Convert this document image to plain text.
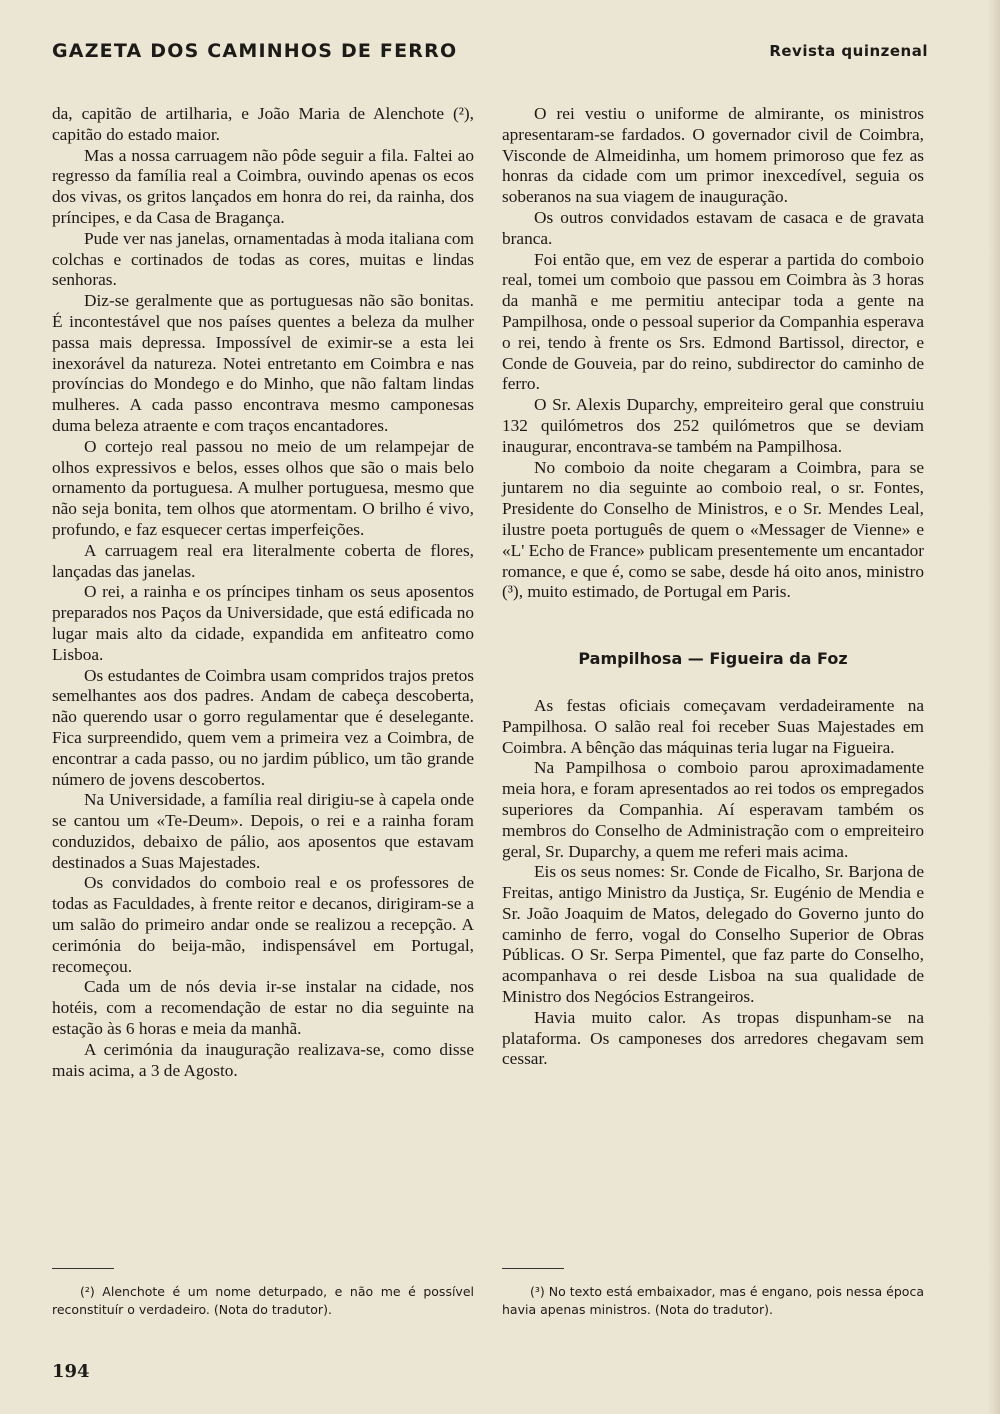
GAZETA DOS CAMINHOS DE FERRO	Revista quinzenal

da, capitão de artilharia, e João Maria de Alenchote (²), capitão do estado maior.

Mas a nossa carruagem não pôde seguir a fila. Faltei ao regresso da família real a Coimbra, ouvindo apenas os ecos dos vivas, os gritos lançados em honra do rei, da rainha, dos príncipes, e da Casa de Bragança.

Pude ver nas janelas, ornamentadas à moda italiana com colchas e cortinados de todas as cores, muitas e lindas senhoras.

Diz-se geralmente que as portuguesas não são bonitas. É incontestável que nos países quentes a beleza da mulher passa mais depressa. Impossível de eximir-se a esta lei inexorável da natureza. Notei entretanto em Coimbra e nas províncias do Mondego e do Minho, que não faltam lindas mulheres. A cada passo encontrava mesmo camponesas duma beleza atraente e com traços encantadores.

O cortejo real passou no meio de um relampejar de olhos expressivos e belos, esses olhos que são o mais belo ornamento da portuguesa. A mulher portuguesa, mesmo que não seja bonita, tem olhos que atormentam. O brilho é vivo, profundo, e faz esquecer certas imperfeições.

A carruagem real era literalmente coberta de flores, lançadas das janelas.

O rei, a rainha e os príncipes tinham os seus aposentos preparados nos Paços da Universidade, que está edificada no lugar mais alto da cidade, expandida em anfiteatro como Lisboa.

Os estudantes de Coimbra usam compridos trajos pretos semelhantes aos dos padres. Andam de cabeça descoberta, não querendo usar o gorro regulamentar que é deselegante. Fica surpreendido, quem vem a primeira vez a Coimbra, de encontrar a cada passo, ou no jardim público, um tão grande número de jovens descobertos.

Na Universidade, a família real dirigiu-se à capela onde se cantou um «Te-Deum». Depois, o rei e a rainha foram conduzidos, debaixo de pálio, aos aposentos que estavam destinados a Suas Majestades.

Os convidados do comboio real e os professores de todas as Faculdades, à frente reitor e decanos, dirigiram-se a um salão do primeiro andar onde se realizou a recepção. A cerimónia do beija-mão, indispensável em Portugal, recomeçou.

Cada um de nós devia ir-se instalar na cidade, nos hotéis, com a recomendação de estar no dia seguinte na estação às 6 horas e meia da manhã.

A cerimónia da inauguração realizava-se, como disse mais acima, a 3 de Agosto.

O rei vestiu o uniforme de almirante, os ministros apresentaram-se fardados. O governador civil de Coimbra, Visconde de Almeidinha, um homem primoroso que fez as honras da cidade com um primor inexcedível, seguia os soberanos na sua viagem de inauguração.

Os outros convidados estavam de casaca e de gravata branca.

Foi então que, em vez de esperar a partida do comboio real, tomei um comboio que passou em Coimbra às 3 horas da manhã e me permitiu antecipar toda a gente na Pampilhosa, onde o pessoal superior da Companhia esperava o rei, tendo à frente os Srs. Edmond Bartissol, director, e Conde de Gouveia, par do reino, subdirector do caminho de ferro.

O Sr. Alexis Duparchy, empreiteiro geral que construiu 132 quilómetros dos 252 quilómetros que se deviam inaugurar, encontrava-se também na Pampilhosa.

No comboio da noite chegaram a Coimbra, para se juntarem no dia seguinte ao comboio real, o sr. Fontes, Presidente do Conselho de Ministros, e o Sr. Mendes Leal, ilustre poeta português de quem o «Messager de Vienne» e «L' Echo de France» publicam presentemente um encantador romance, e que é, como se sabe, desde há oito anos, ministro (³), muito estimado, de Portugal em Paris.

Pampilhosa — Figueira da Foz

As festas oficiais começavam verdadeiramente na Pampilhosa. O salão real foi receber Suas Majestades em Coimbra. A bênção das máquinas teria lugar na Figueira.

Na Pampilhosa o comboio parou aproximadamente meia hora, e foram apresentados ao rei todos os empregados superiores da Companhia. Aí esperavam também os membros do Conselho de Administração com o empreiteiro geral, Sr. Duparchy, a quem me referi mais acima.

Eis os seus nomes: Sr. Conde de Ficalho, Sr. Barjona de Freitas, antigo Ministro da Justiça, Sr. Eugénio de Mendia e Sr. João Joaquim de Matos, delegado do Governo junto do caminho de ferro, vogal do Conselho Superior de Obras Públicas. O Sr. Serpa Pimentel, que faz parte do Conselho, acompanhava o rei desde Lisboa na sua qualidade de Ministro dos Negócios Estrangeiros.

Havia muito calor. As tropas dispunham-se na plataforma. Os camponeses dos arredores chegavam sem cessar.

(²) Alenchote é um nome deturpado, e não me é possível reconstituír o verdadeiro. (Nota do tradutor).

(³) No texto está embaixador, mas é engano, pois nessa época havia apenas ministros. (Nota do tradutor).

194
